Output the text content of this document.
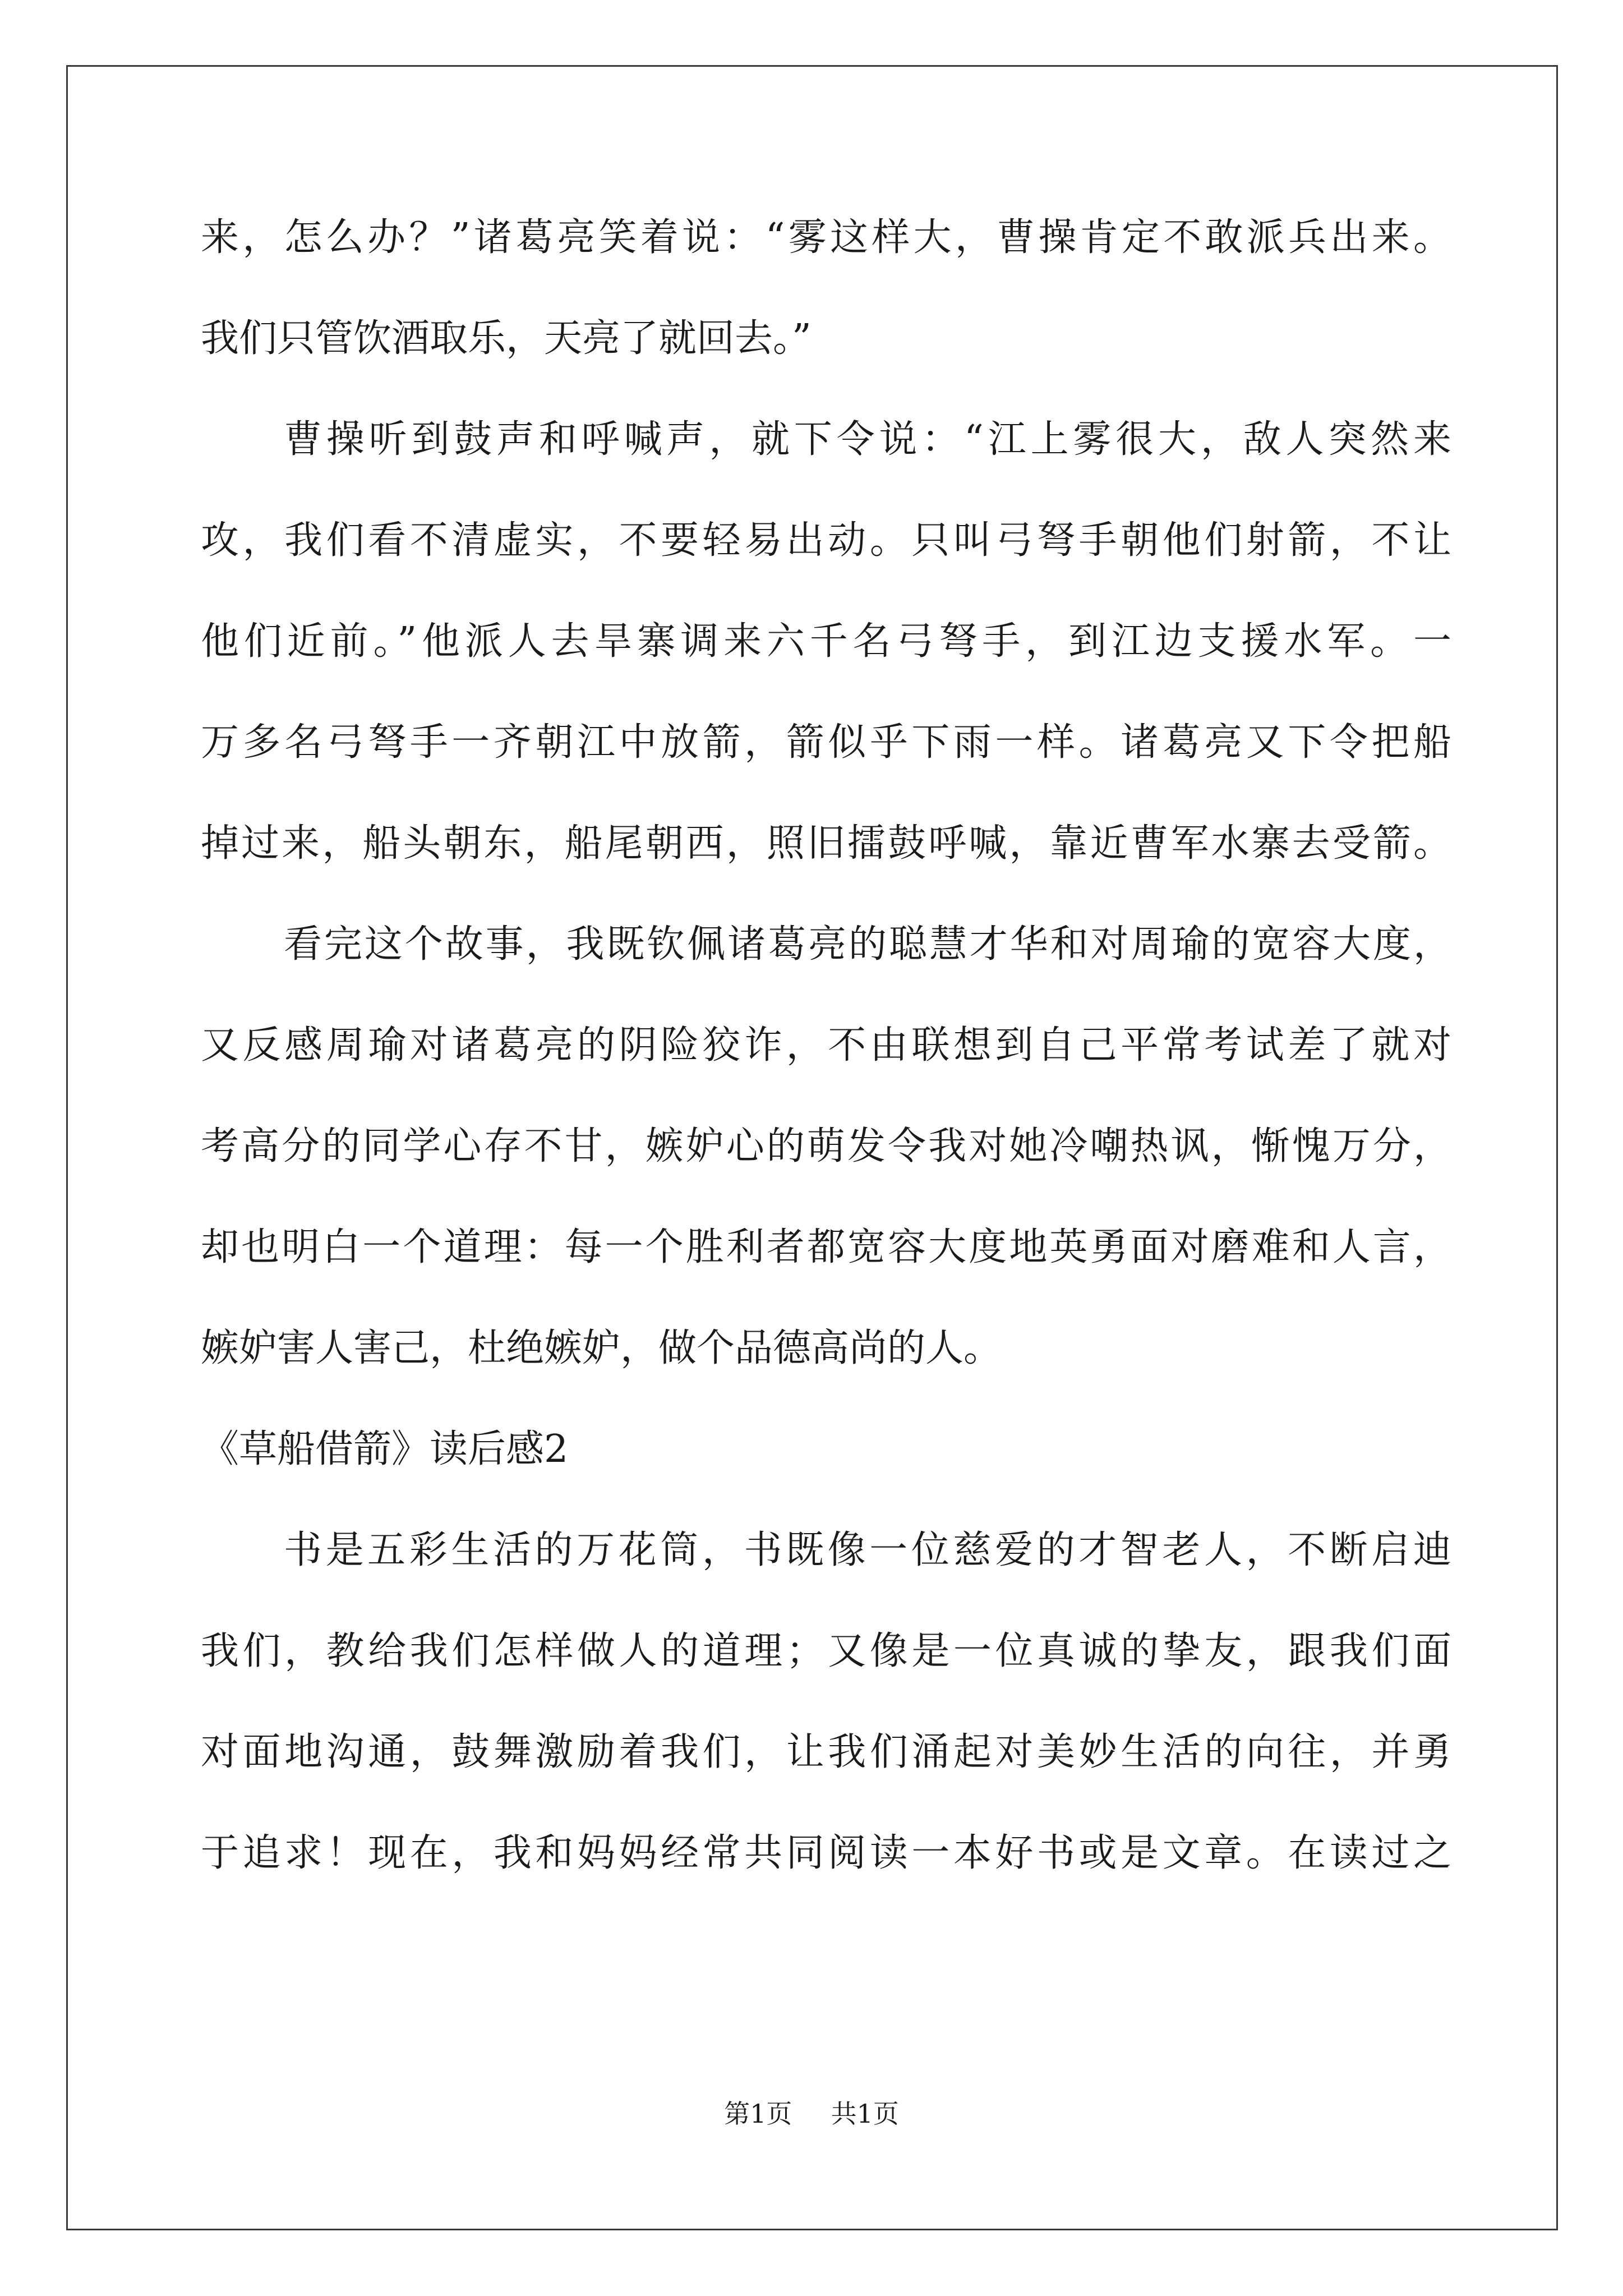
来，怎么办？”诸葛亮笑着说：“雾这样大，曹操肯定不敢派兵出来。
我们只管饮酒取乐，天亮了就回去。”
曹操听到鼓声和呼喊声，就下令说：“江上雾很大，敌人突然来
攻，我们看不清虚实，不要轻易出动。只叫弓弩手朝他们射箭，不让
他们近前。”他派人去旱寨调来六千名弓弩手，到江边支援水军。一
万多名弓弩手一齐朝江中放箭，箭似乎下雨一样。诸葛亮又下令把船
掉过来，船头朝东，船尾朝西，照旧擂鼓呼喊，靠近曹军水寨去受箭。
看完这个故事，我既钦佩诸葛亮的聪慧才华和对周瑜的宽容大度，
又反感周瑜对诸葛亮的阴险狡诈，不由联想到自己平常考试差了就对
考高分的同学心存不甘，嫉妒心的萌发令我对她冷嘲热讽，惭愧万分，
却也明白一个道理：每一个胜利者都宽容大度地英勇面对磨难和人言，
嫉妒害人害己，杜绝嫉妒，做个品德高尚的人。
《草船借箭》读后感2
书是五彩生活的万花筒，书既像一位慈爱的才智老人，不断启迪
我们，教给我们怎样做人的道理；又像是一位真诚的挚友，跟我们面
对面地沟通，鼓舞激励着我们，让我们涌起对美妙生活的向往，并勇
于追求！现在，我和妈妈经常共同阅读一本好书或是文章。在读过之
第1页 共1页
